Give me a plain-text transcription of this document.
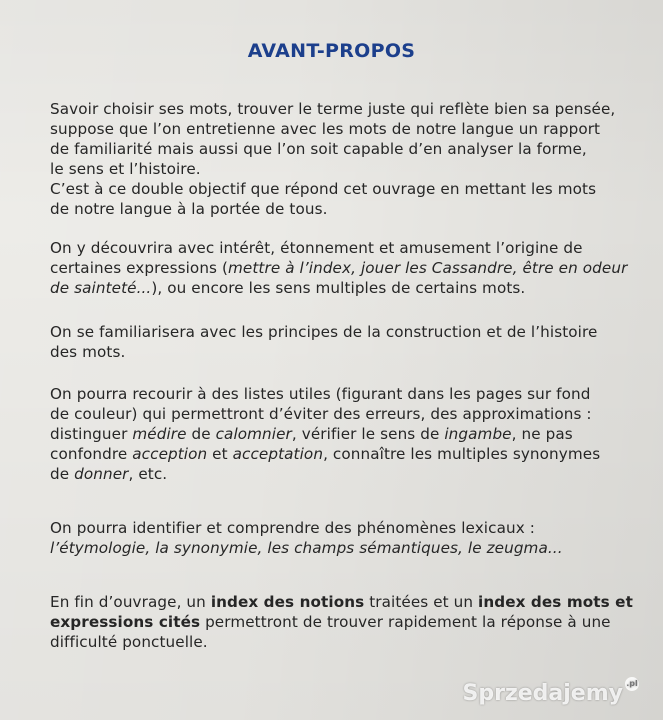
AVANT-PROPOS
Savoir choisir ses mots, trouver le terme juste qui reflète bien sa pensée,
suppose que l’on entretienne avec les mots de notre langue un rapport
de familiarité mais aussi que l’on soit capable d’en analyser la forme,
le sens et l’histoire.
C’est à ce double objectif que répond cet ouvrage en mettant les mots
de notre langue à la portée de tous.
On y découvrira avec intérêt, étonnement et amusement l’origine de
certaines expressions (mettre à l’index, jouer les Cassandre, être en odeur
de sainteté...), ou encore les sens multiples de certains mots.
On se familiarisera avec les principes de la construction et de l’histoire
des mots.
On pourra recourir à des listes utiles (figurant dans les pages sur fond
de couleur) qui permettront d’éviter des erreurs, des approximations :
distinguer médire de calomnier, vérifier le sens de ingambe, ne pas
confondre acception et acceptation, connaître les multiples synonymes
de donner, etc.
On pourra identifier et comprendre des phénomènes lexicaux :
l’étymologie, la synonymie, les champs sémantiques, le zeugma...
En fin d’ouvrage, un index des notions traitées et un index des mots et
expressions cités permettront de trouver rapidement la réponse à une
difficulté ponctuelle.
Sprzedajemy .pl
